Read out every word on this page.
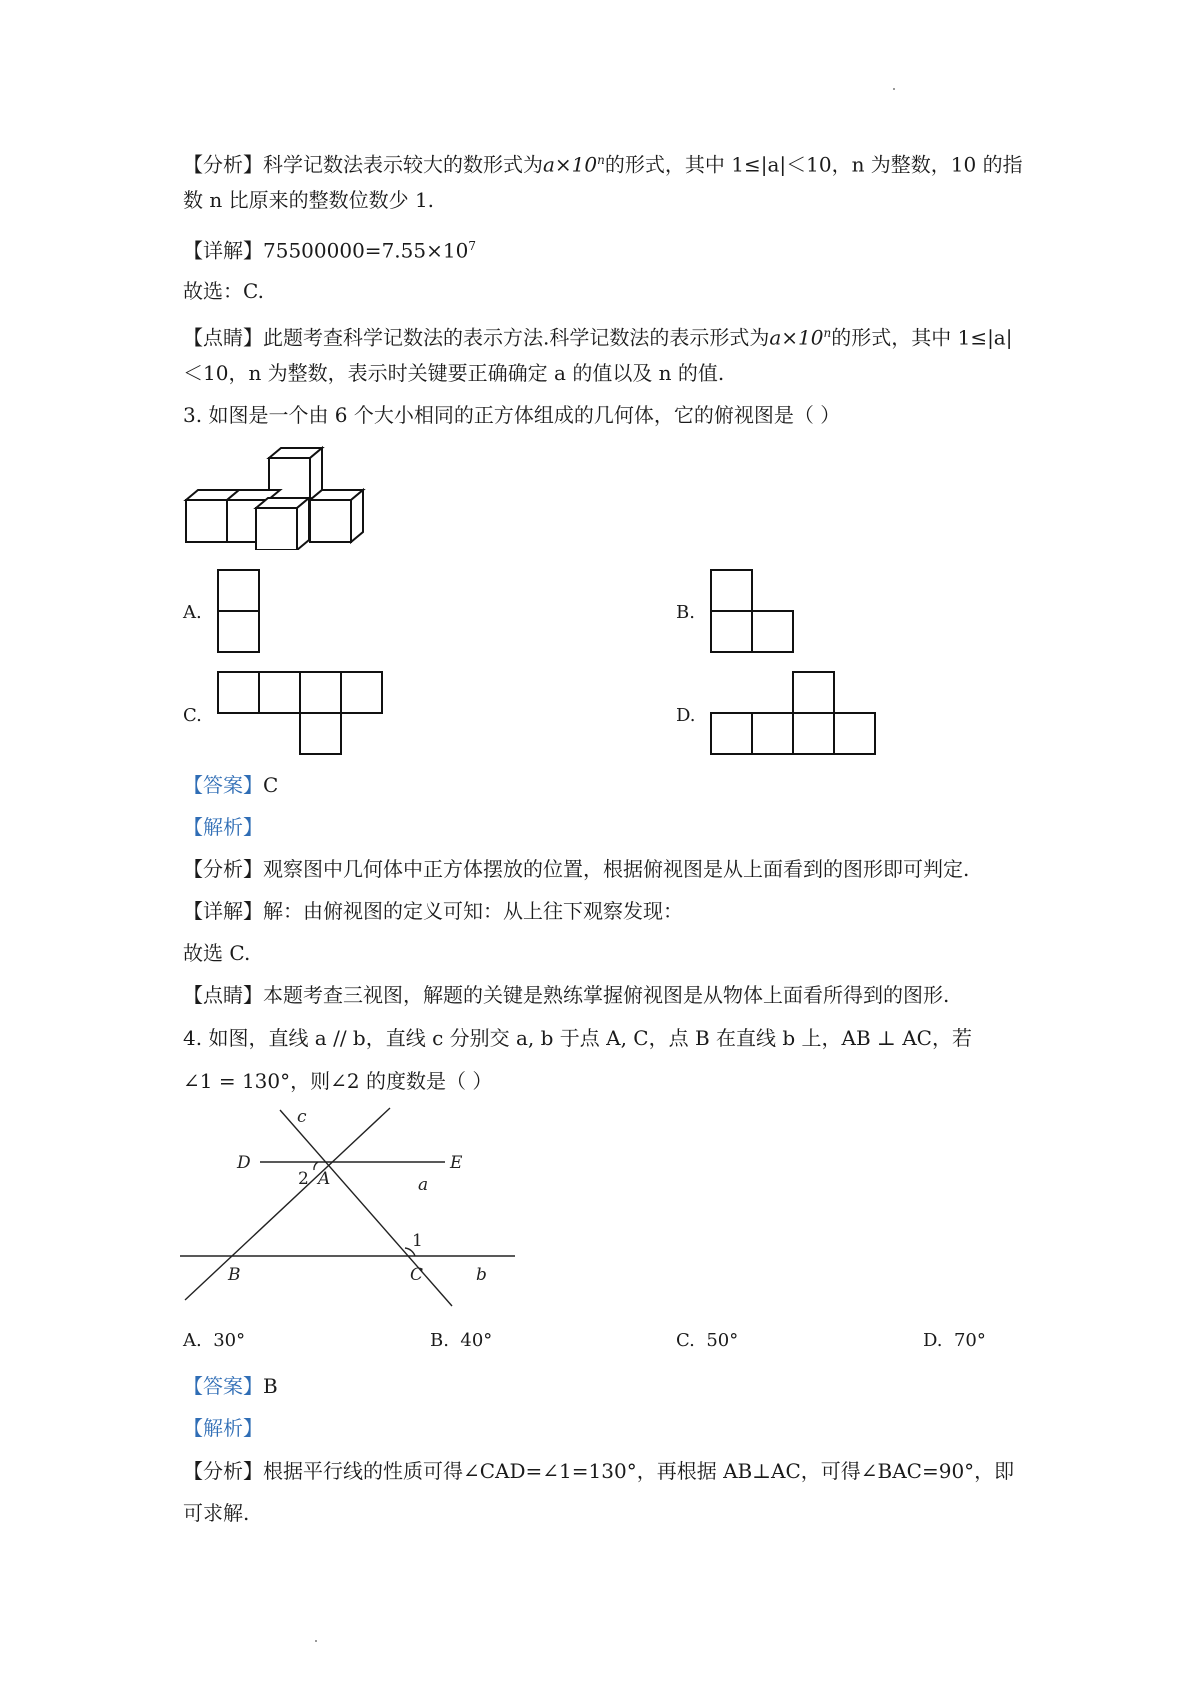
【分析】科学记数法表示较大的数形式为$a\times 10^n$的形式，其中 1≤|a|＜10，n 为整数，10 的指
数 n 比原来的整数位数少 1.
【详解】$75500000=7.55\times 10^7$
故选：C.
【点睛】此题考查科学记数法的表示方法.科学记数法的表示形式为$a\times 10^n$的形式，其中 1≤|a|
＜10，n 为整数，表示时关键要正确确定 a 的值以及 n 的值.
3. 如图是一个由 6 个大小相同的正方体组成的几何体，它的俯视图是（ ）
A.	B.
C.	D.
【答案】C
【解析】
【分析】观察图中几何体中正方体摆放的位置，根据俯视图是从上面看到的图形即可判定.
【详解】解：由俯视图的定义可知：从上往下观察发现：
故选 C.
【点睛】本题考查三视图，解题的关键是熟练掌握俯视图是从物体上面看所得到的图形.
4. 如图，直线 a // b，直线 c 分别交 a, b 于点 A, C，点 B 在直线 b 上，AB ⊥ AC，若
∠1 = 130°，则∠2 的度数是（ ）
c
D	E
2 A	a
1
B	C	b
A. 30°	B. 40°	C. 50°	D. 70°
【答案】B
【解析】
【分析】根据平行线的性质可得∠CAD=∠1=130°，再根据 AB⊥AC，可得∠BAC=90°，即
可求解.
